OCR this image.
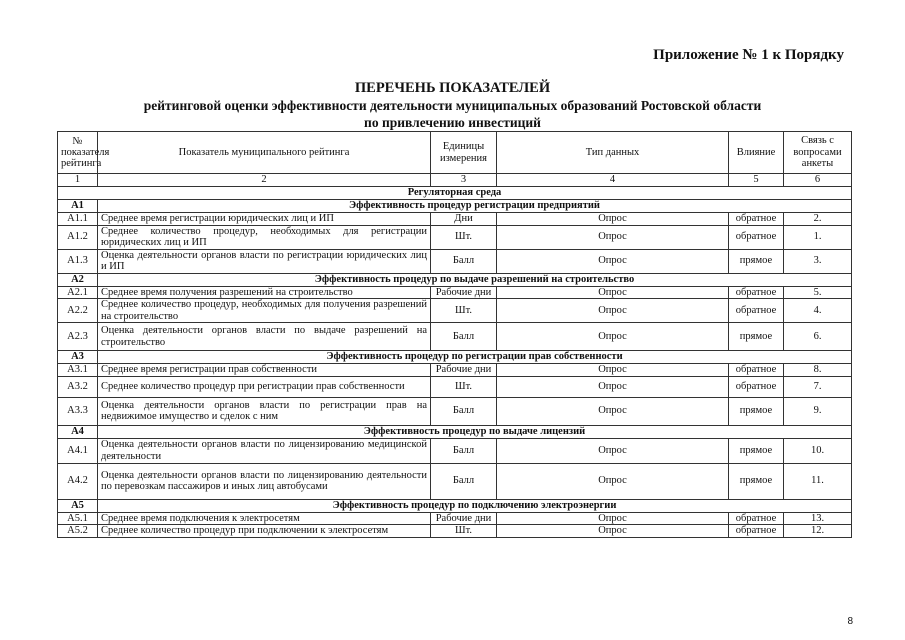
Приложение № 1 к Порядку
ПЕРЕЧЕНЬ ПОКАЗАТЕЛЕЙ
рейтинговой оценки эффективности деятельности муниципальных образований Ростовской области
по привлечению инвестиций
№
показателя рейтинга	Показатель муниципального рейтинга	Единицы измерения	Тип данных	Влияние	Связь с вопросами анкеты
1	2	3	4	5	6
Регуляторная среда					
А1	Эффективность процедур регистрации предприятий				
А1.1	Среднее время регистрации юридических лиц и ИП	Дни	Опрос	обратное	2.
А1.2	Среднее количество процедур, необходимых для регистрации юридических лиц и ИП	Шт.	Опрос	обратное	1.
А1.3	Оценка деятельности органов власти по регистрации юридических лиц и ИП	Балл	Опрос	прямое	3.
А2	Эффективность процедур по выдаче разрешений на строительство				
А2.1	Среднее время получения разрешений на строительство	Рабочие дни	Опрос	обратное	5.
А2.2	Среднее количество процедур, необходимых для получения разрешений на строительство	Шт.	Опрос	обратное	4.
А2.3	Оценка деятельности органов власти по выдаче разрешений на строительство	Балл	Опрос	прямое	6.
А3	Эффективность процедур по регистрации прав собственности				
А3.1	Среднее время регистрации прав собственности	Рабочие дни	Опрос	обратное	8.
А3.2	Среднее количество процедур при регистрации прав собственности	Шт.	Опрос	обратное	7.
А3.3	Оценка деятельности органов власти по регистрации прав на недвижимое имущество и сделок с ним	Балл	Опрос	прямое	9.
А4	Эффективность процедур по выдаче лицензий				
А4.1	Оценка деятельности органов власти по лицензированию медицинской деятельности	Балл	Опрос	прямое	10.
А4.2	Оценка деятельности органов власти по лицензированию деятельности по перевозкам пассажиров и иных лиц автобусами	Балл	Опрос	прямое	11.
А5	Эффективность процедур по подключению электроэнергии				
А5.1	Среднее время подключения к электросетям	Рабочие дни	Опрос	обратное	13.
А5.2	Среднее количество процедур при подключении к электросетям	Шт.	Опрос	обратное	12.
8
